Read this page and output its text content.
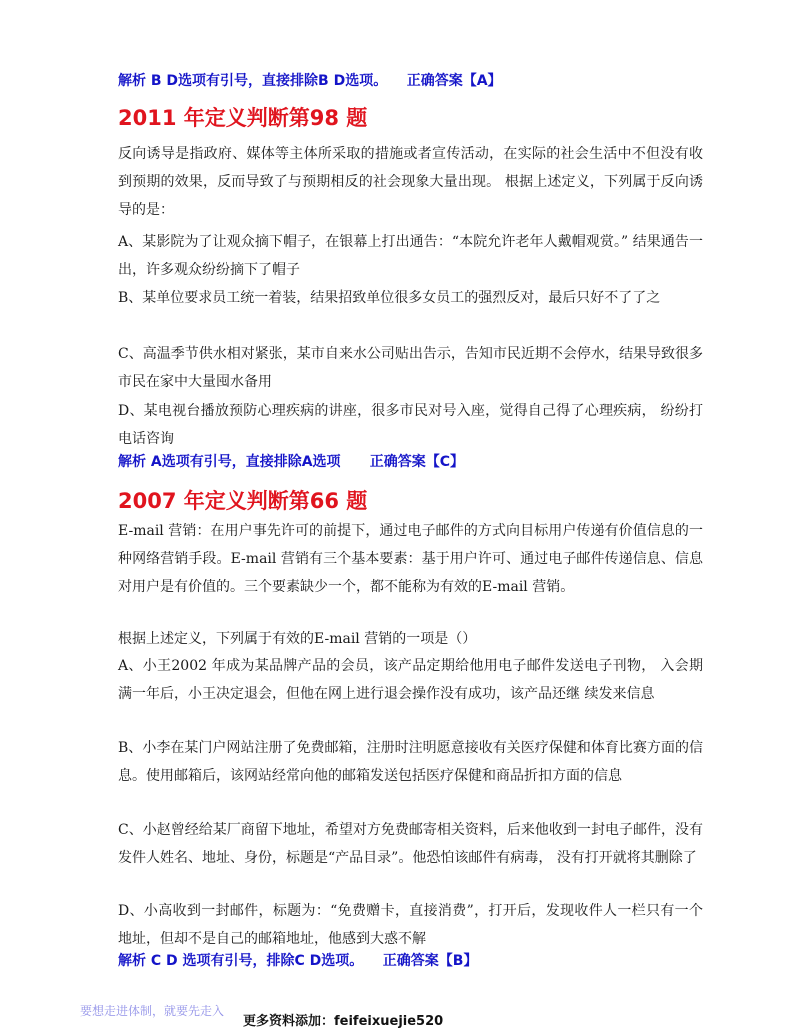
解析 B D选项有引号，直接排除B D选项。    正确答案【A】
2011 年定义判断第98 题
反向诱导是指政府、媒体等主体所采取的措施或者宣传活动，在实际的社会生活中不但没有收到预期的效果，反而导致了与预期相反的社会现象大量出现。 根据上述定义，下列属于反向诱导的是：
A、某影院为了让观众摘下帽子，在银幕上打出通告：“本院允许老年人戴帽观赏。” 结果通告一出，许多观众纷纷摘下了帽子
B、某单位要求员工统一着装，结果招致单位很多女员工的强烈反对，最后只好不了了之
C、高温季节供水相对紧张，某市自来水公司贴出告示，告知市民近期不会停水，结果导致很多市民在家中大量囤水备用
D、某电视台播放预防心理疾病的讲座，很多市民对号入座，觉得自己得了心理疾病， 纷纷打电话咨询
解析 A选项有引号，直接排除A选项      正确答案【C】
2007 年定义判断第66 题
E-mail 营销：在用户事先许可的前提下，通过电子邮件的方式向目标用户传递有价值信息的一种网络营销手段。E-mail 营销有三个基本要素：基于用户许可、通过电子邮件传递信息、信息对用户是有价值的。三个要素缺少一个，都不能称为有效的E-mail 营销。
根据上述定义，下列属于有效的E-mail 营销的一项是（）
A、小王2002 年成为某品牌产品的会员，该产品定期给他用电子邮件发送电子刊物， 入会期满一年后，小王决定退会，但他在网上进行退会操作没有成功，该产品还继 续发来信息
B、小李在某门户网站注册了免费邮箱，注册时注明愿意接收有关医疗保健和体育比赛方面的信息。使用邮箱后，该网站经常向他的邮箱发送包括医疗保健和商品折扣方面的信息
C、小赵曾经给某厂商留下地址，希望对方免费邮寄相关资料，后来他收到一封电子邮件，没有发件人姓名、地址、身份，标题是“产品目录”。他恐怕该邮件有病毒， 没有打开就将其删除了
D、小高收到一封邮件，标题为：“免费赠卡，直接消费”，打开后，发现收件人一栏只有一个地址，但却不是自己的邮箱地址，他感到大惑不解
解析 C D 选项有引号，排除C D选项。    正确答案【B】
要想走进体制，就要先走入
更多资料添加：feifeixuejie520
